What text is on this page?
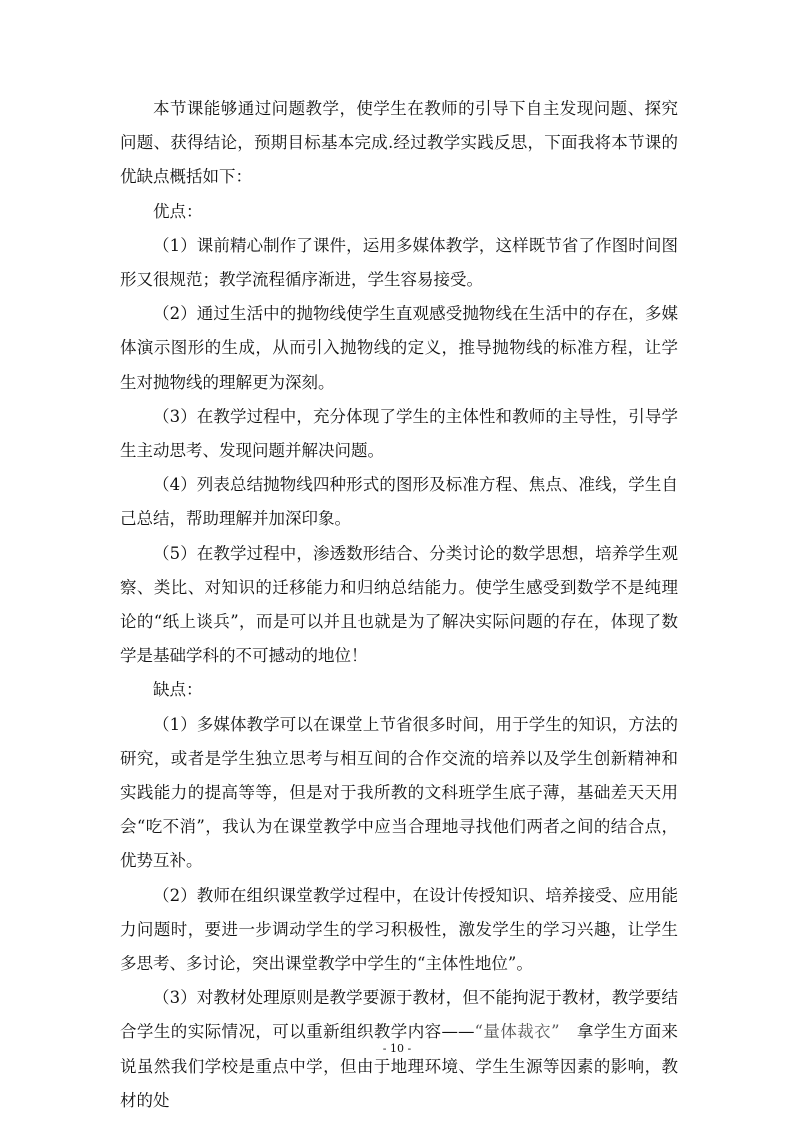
本节课能够通过问题教学，使学生在教师的引导下自主发现问题、探究问题、获得结论，预期目标基本完成.经过教学实践反思，下面我将本节课的优缺点概括如下：

优点：

（1）课前精心制作了课件，运用多媒体教学，这样既节省了作图时间图形又很规范；教学流程循序渐进，学生容易接受。

（2）通过生活中的抛物线使学生直观感受抛物线在生活中的存在，多媒体演示图形的生成，从而引入抛物线的定义，推导抛物线的标准方程，让学生对抛物线的理解更为深刻。

（3）在教学过程中，充分体现了学生的主体性和教师的主导性，引导学生主动思考、发现问题并解决问题。

（4）列表总结抛物线四种形式的图形及标准方程、焦点、准线，学生自己总结，帮助理解并加深印象。

（5）在教学过程中，渗透数形结合、分类讨论的数学思想，培养学生观察、类比、对知识的迁移能力和归纳总结能力。使学生感受到数学不是纯理论的“纸上谈兵”，而是可以并且也就是为了解决实际问题的存在，体现了数学是基础学科的不可撼动的地位！

缺点：

（1）多媒体教学可以在课堂上节省很多时间，用于学生的知识，方法的研究，或者是学生独立思考与相互间的合作交流的培养以及学生创新精神和实践能力的提高等等，但是对于我所教的文科班学生底子薄，基础差天天用会“吃不消”，我认为在课堂教学中应当合理地寻找他们两者之间的结合点，优势互补。

（2）教师在组织课堂教学过程中，在设计传授知识、培养接受、应用能力问题时，要进一步调动学生的学习积极性，激发学生的学习兴趣，让学生多思考、多讨论，突出课堂教学中学生的“主体性地位”。

（3）对教材处理原则是教学要源于教材，但不能拘泥于教材，教学要结合学生的实际情况，可以重新组织教学内容——“量体裁衣”　拿学生方面来说虽然我们学校是重点中学，但由于地理环境、学生生源等因素的影响，教材的处

- 10 -
